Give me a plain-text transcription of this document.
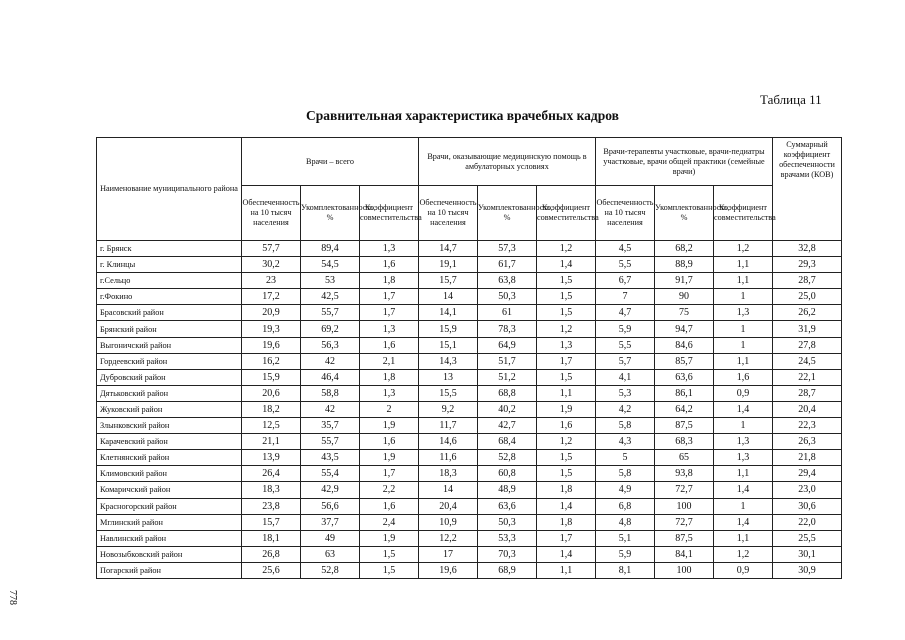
Таблица 11
Сравнительная характеристика врачебных кадров
778
Наименование муниципального района	Врачи – всего			Врачи, оказывающие медицинскую помощь в амбулаторных условиях			Врачи-терапевты участковые, врачи-педиатры участковые, врачи общей практики (семейные врачи)			Суммарный коэффициент обеспеченности врачами (КОВ)
	Обеспеченность на 10 тысяч населения	Укомплектованность, %	Коэффициент совместительства	Обеспеченность на 10 тысяч населения	Укомплектованность, %	Коэффициент совместительства	Обеспеченность на 10 тысяч населения	Укомплектованность, %	Коэффициент совместительства	
г. Брянск	57,7	89,4	1,3	14,7	57,3	1,2	4,5	68,2	1,2	32,8
г. Клинцы	30,2	54,5	1,6	19,1	61,7	1,4	5,5	88,9	1,1	29,3
г.Сельцо	23	53	1,8	15,7	63,8	1,5	6,7	91,7	1,1	28,7
г.Фокино	17,2	42,5	1,7	14	50,3	1,5	7	90	1	25,0
Брасовский район	20,9	55,7	1,7	14,1	61	1,5	4,7	75	1,3	26,2
Брянский район	19,3	69,2	1,3	15,9	78,3	1,2	5,9	94,7	1	31,9
Выгоничский район	19,6	56,3	1,6	15,1	64,9	1,3	5,5	84,6	1	27,8
Гордеевский район	16,2	42	2,1	14,3	51,7	1,7	5,7	85,7	1,1	24,5
Дубровский район	15,9	46,4	1,8	13	51,2	1,5	4,1	63,6	1,6	22,1
Дятьковский район	20,6	58,8	1,3	15,5	68,8	1,1	5,3	86,1	0,9	28,7
Жуковский район	18,2	42	2	9,2	40,2	1,9	4,2	64,2	1,4	20,4
Злынковский район	12,5	35,7	1,9	11,7	42,7	1,6	5,8	87,5	1	22,3
Карачевский район	21,1	55,7	1,6	14,6	68,4	1,2	4,3	68,3	1,3	26,3
Клетнянский район	13,9	43,5	1,9	11,6	52,8	1,5	5	65	1,3	21,8
Климовский район	26,4	55,4	1,7	18,3	60,8	1,5	5,8	93,8	1,1	29,4
Комаричский район	18,3	42,9	2,2	14	48,9	1,8	4,9	72,7	1,4	23,0
Красногорский район	23,8	56,6	1,6	20,4	63,6	1,4	6,8	100	1	30,6
Мглинский район	15,7	37,7	2,4	10,9	50,3	1,8	4,8	72,7	1,4	22,0
Навлинский район	18,1	49	1,9	12,2	53,3	1,7	5,1	87,5	1,1	25,5
Новозыбковский район	26,8	63	1,5	17	70,3	1,4	5,9	84,1	1,2	30,1
Погарский район	25,6	52,8	1,5	19,6	68,9	1,1	8,1	100	0,9	30,9
